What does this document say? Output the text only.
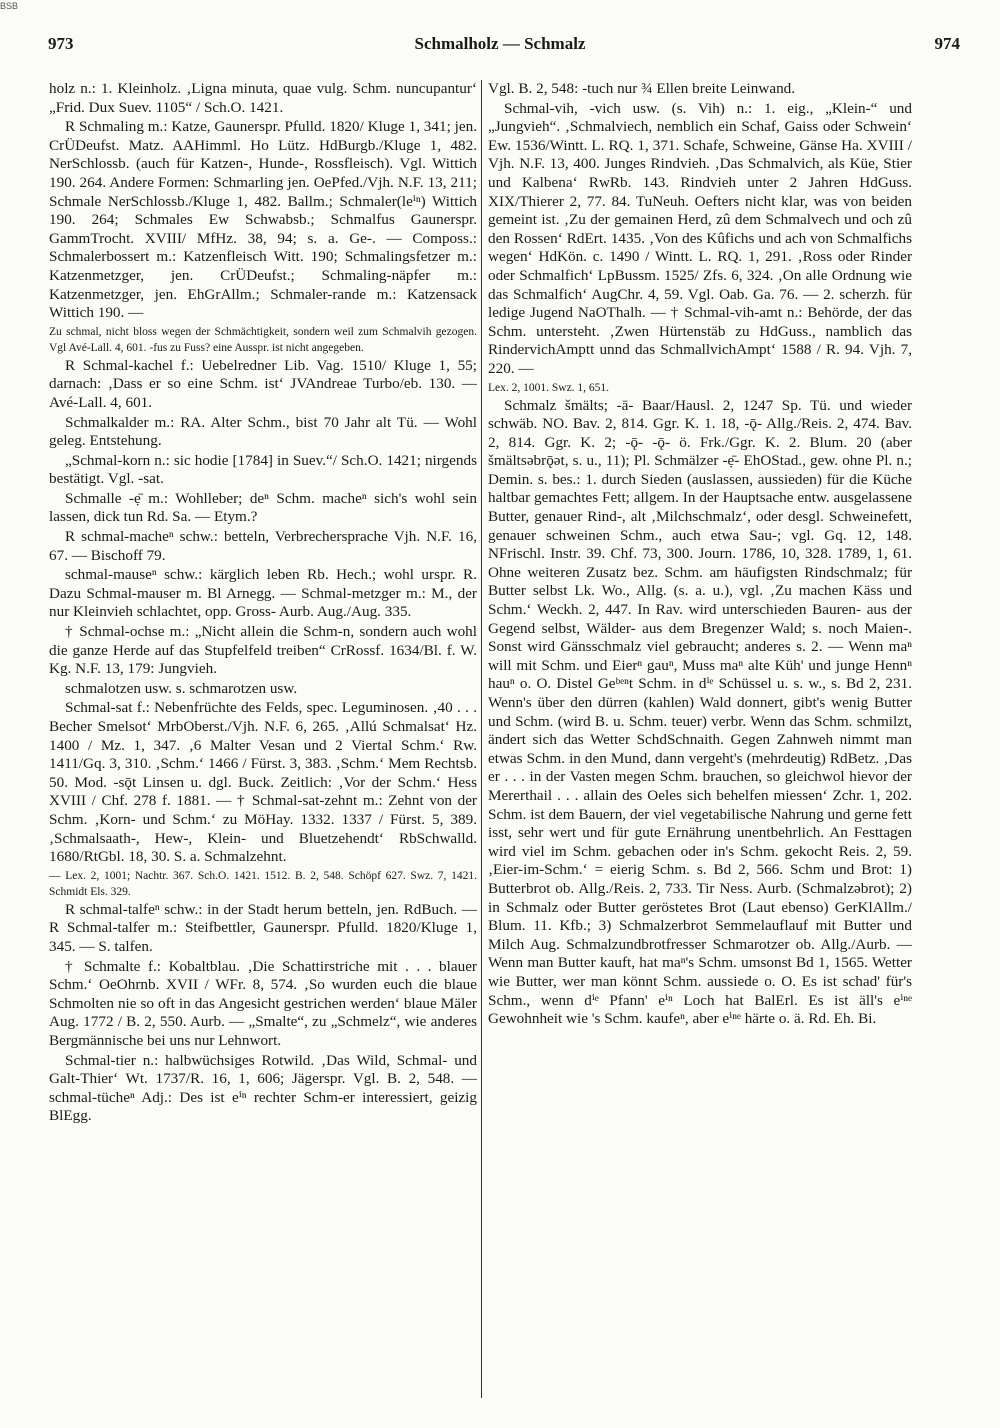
BSB
973	Schmalholz — Schmalz	974

holz n.: 1. Kleinholz. ‚Ligna minuta, quae vulg. Schm. nuncupantur‘ „Frid. Dux Suev. 1105“ / Sch.O. 1421.

R Schmaling m.: Katze, Gaunerspr. Pfulld. 1820/ Kluge 1, 341; jen. CrÜDeufst. Matz. AAHimml. Ho Lütz. HdBurgb./Kluge 1, 482. NerSchlossb. (auch für Katzen-, Hunde-, Rossfleisch). Vgl. Wittich 190. 264. Andere Formen: Schmarling jen. OePfed./Vjh. N.F. 13, 211; Schmale NerSchlossb./Kluge 1, 482. Ballm.; Schmaler(leⁱⁿ) Wittich 190. 264; Schmales Ew Schwabsb.; Schmalfus Gaunerspr. GammTrocht. XVIII/ MfHz. 38, 94; s. a. Ge-. — Composs.: Schmalerbossert m.: Katzenfleisch Witt. 190; Schmalingsfetzer m.: Katzenmetzger, jen. CrÜDeufst.; Schmaling-näpfer m.: Katzenmetzger, jen. EhGrAllm.; Schmaler-rande m.: Katzensack Wittich 190. —

Zu schmal, nicht bloss wegen der Schmächtigkeit, sondern weil zum Schmalvih gezogen. Vgl Avé-Lall. 4, 601. -fus zu Fuss? eine Ausspr. ist nicht angegeben.

R Schmal-kachel f.: Uebelredner Lib. Vag. 1510/ Kluge 1, 55; darnach: ‚Dass er so eine Schm. ist‘ JVAndreae Turbo/eb. 130. — Avé-Lall. 4, 601.

Schmalkalder m.: RA. Alter Schm., bist 70 Jahr alt Tü. — Wohl geleg. Entstehung.

„Schmal-korn n.: sic hodie [1784] in Suev.“/ Sch.O. 1421; nirgends bestätigt. Vgl. -sat.

Schmalle -ẹ̄ m.: Wohlleber; deⁿ Schm. macheⁿ sich's wohl sein lassen, dick tun Rd. Sa. — Etym.?

R schmal-macheⁿ schw.: betteln, Verbrechersprache Vjh. N.F. 16, 67. — Bischoff 79.

schmal-mauseⁿ schw.: kärglich leben Rb. Hech.; wohl urspr. R. Dazu Schmal-mauser m. Bl Arnegg. — Schmal-metzger m.: M., der nur Kleinvieh schlachtet, opp. Gross- Aurb. Aug./Aug. 335.

† Schmal-ochse m.: „Nicht allein die Schm-n, sondern auch wohl die ganze Herde auf das Stupfelfeld treiben“ CrRossf. 1634/Bl. f. W. Kg. N.F. 13, 179: Jungvieh.

schmalotzen usw. s. schmarotzen usw.

Schmal-sat f.: Nebenfrüchte des Felds, spec. Leguminosen. ‚40 . . . Becher Smelsot‘ MrbOberst./Vjh. N.F. 6, 265. ‚Allú Schmalsat‘ Hz. 1400 / Mz. 1, 347. ‚6 Malter Vesan und 2 Viertal Schm.‘ Rw. 1411/Gq. 3, 310. ‚Schm.‘ 1466 / Fürst. 3, 383. ‚Schm.‘ Mem Rechtsb. 50. Mod. -sǭt Linsen u. dgl. Buck. Zeitlich: ‚Vor der Schm.‘ Hess XVIII / Chf. 278 f. 1881. — † Schmal-sat-zehnt m.: Zehnt von der Schm. ‚Korn- und Schm.‘ zu MöHay. 1332. 1337 / Fürst. 5, 389. ‚Schmalsaath-, Hew-, Klein- und Bluetzehendt‘ RbSchwalld. 1680/RtGbl. 18, 30. S. a. Schmalzehnt.

— Lex. 2, 1001; Nachtr. 367. Sch.O. 1421. 1512. B. 2, 548. Schöpf 627. Swz. 7, 1421. Schmidt Els. 329.

R schmal-talfeⁿ schw.: in der Stadt herum betteln, jen. RdBuch. — R Schmal-talfer m.: Steifbettler, Gaunerspr. Pfulld. 1820/Kluge 1, 345. — S. talfen.

† Schmalte f.: Kobaltblau. ‚Die Schattirstriche mit . . . blauer Schm.‘ OeOhrnb. XVII / WFr. 8, 574. ‚So wurden euch die blaue Schmolten nie so oft in das Angesicht gestrichen werden‘ blaue Mäler Aug. 1772 / B. 2, 550. Aurb. — „Smalte“, zu „Schmelz“, wie anderes Bergmännische bei uns nur Lehnwort.

Schmal-tier n.: halbwüchsiges Rotwild. ‚Das Wild, Schmal- und Galt-Thier‘ Wt. 1737/R. 16, 1, 606; Jägerspr. Vgl. B. 2, 548. — schmal-tücheⁿ Adj.: Des ist eⁱⁿ rechter Schm-er interessiert, geizig BlEgg.

Vgl. B. 2, 548: -tuch nur ¾ Ellen breite Leinwand.

Schmal-vih, -vich usw. (s. Vih) n.: 1. eig., „Klein-“ und „Jungvieh“. ‚Schmalviech, nemblich ein Schaf, Gaiss oder Schwein‘ Ew. 1536/Wintt. L. RQ. 1, 371. Schafe, Schweine, Gänse Ha. XVIII / Vjh. N.F. 13, 400. Junges Rindvieh. ‚Das Schmalvich, als Küe, Stier und Kalbena‘ RwRb. 143. Rindvieh unter 2 Jahren HdGuss. XIX/Thierer 2, 77. 84. TuNeuh. Oefters nicht klar, was von beiden gemeint ist. ‚Zu der gemainen Herd, zû dem Schmalvech und och zû den Rossen‘ RdErt. 1435. ‚Von des Kûfichs und ach von Schmalfichs wegen‘ HdKön. c. 1490 / Wintt. L. RQ. 1, 291. ‚Ross oder Rinder oder Schmalfich‘ LpBussm. 1525/ Zfs. 6, 324. ‚On alle Ordnung wie das Schmalfich‘ AugChr. 4, 59. Vgl. Oab. Ga. 76. — 2. scherzh. für ledige Jugend NaOThalh. — † Schmal-vih-amt n.: Behörde, der das Schm. untersteht. ‚Zwen Hürtenstäb zu HdGuss., namblich das RindervichAmptt unnd das SchmallvichAmpt‘ 1588 / R. 94. Vjh. 7, 220. —

Lex. 2, 1001. Swz. 1, 651.

Schmalz šmälts; -ā- Baar/Hausl. 2, 1247 Sp. Tü. und wieder schwäb. NO. Bav. 2, 814. Ggr. K. 1. 18, -ǭ- Allg./Reis. 2, 474. Bav. 2, 814. Ggr. K. 2; -ǭ- -ǭ- ö. Frk./Ggr. K. 2. Blum. 20 (aber šmältsəbrǭət, s. u., 11); Pl. Schmälzer -ẹ̄- EhOStad., gew. ohne Pl. n.; Demin. s. bes.: 1. durch Sieden (auslassen, aussieden) für die Küche haltbar gemachtes Fett; allgem. In der Hauptsache entw. ausgelassene Butter, genauer Rind-, alt ‚Milchschmalz‘, oder desgl. Schweinefett, genauer schweinen Schm., auch etwa Sau-; vgl. Gq. 12, 148. NFrischl. Instr. 39. Chf. 73, 300. Journ. 1786, 10, 328. 1789, 1, 61. Ohne weiteren Zusatz bez. Schm. am häufigsten Rindschmalz; für Butter selbst Lk. Wo., Allg. (s. a. u.), vgl. ‚Zu machen Käss und Schm.‘ Weckh. 2, 447. In Rav. wird unterschieden Bauren- aus der Gegend selbst, Wälder- aus dem Bregenzer Wald; s. noch Maien-. Sonst wird Gänsschmalz viel gebraucht; anderes s. 2. — Wenn maⁿ will mit Schm. und Eierⁿ gauⁿ, Muss maⁿ alte Küh' und junge Hennⁿ hauⁿ o. O. Distel Geᵇᵉⁿt Schm. in dⁱᵉ Schüssel u. s. w., s. Bd 2, 231. Wenn's über den dürren (kahlen) Wald donnert, gibt's wenig Butter und Schm. (wird B. u. Schm. teuer) verbr. Wenn das Schm. schmilzt, ändert sich das Wetter SchdSchnaith. Gegen Zahnweh nimmt man etwas Schm. in den Mund, dann vergeht's (mehrdeutig) RdBetz. ‚Das er . . . in der Vasten megen Schm. brauchen, so gleichwol hievor der Mererthail . . . allain des Oeles sich behelfen miessen‘ Zchr. 1, 202. Schm. ist dem Bauern, der viel vegetabilische Nahrung und gerne fett isst, sehr wert und für gute Ernährung unentbehrlich. An Festtagen wird viel im Schm. gebachen oder in's Schm. gekocht Reis. 2, 59. ‚Eier-im-Schm.‘ = eierig Schm. s. Bd 2, 566. Schm und Brot: 1) Butterbrot ob. Allg./Reis. 2, 733. Tir Ness. Aurb. (Schmalzəbrot); 2) in Schmalz oder Butter geröstetes Brot (Laut ebenso) GerKlAllm./ Blum. 11. Kfb.; 3) Schmalzerbrot Semmelauflauf mit Butter und Milch Aug. Schmalzundbrotfresser Schmarotzer ob. Allg./Aurb. — Wenn man Butter kauft, hat maⁿ's Schm. umsonst Bd 1, 1565. Wetter wie Butter, wer man könnt Schm. aussiede o. O. Es ist schad' für's Schm., wenn dⁱᵉ Pfann' eⁱⁿ Loch hat BalErl. Es ist äll's eⁱⁿᵉ Gewohnheit wie 's Schm. kaufeⁿ, aber eⁱⁿᵉ härte o. ä. Rd. Eh. Bi.
